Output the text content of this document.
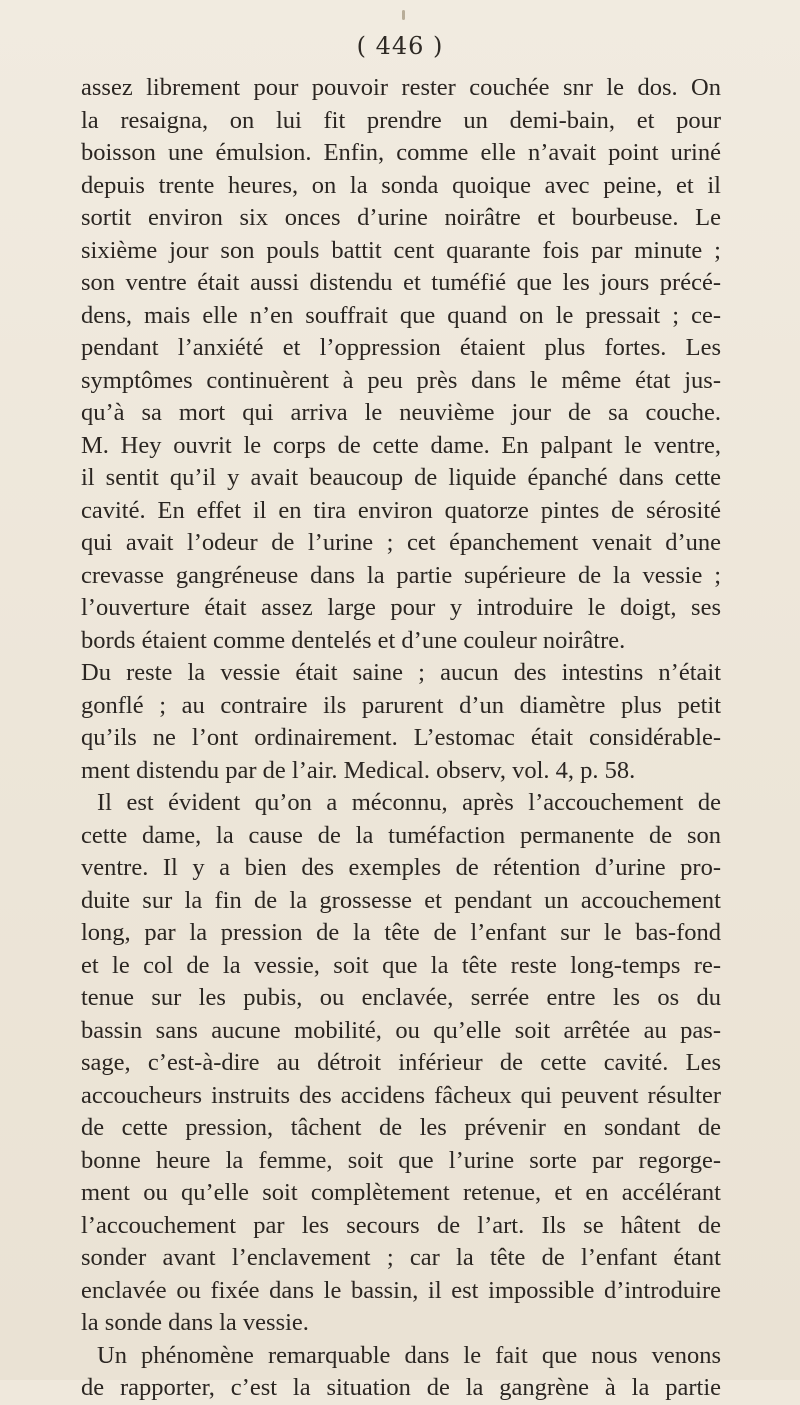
( 446 )
assez librement pour pouvoir rester couchée snr le dos. On
la resaigna, on lui fit prendre un demi-bain, et pour
boisson une émulsion. Enfin, comme elle n’avait point uriné
depuis trente heures, on la sonda quoique avec peine, et il
sortit environ six onces d’urine noirâtre et bourbeuse. Le
sixième jour son pouls battit cent quarante fois par minute ;
son ventre était aussi distendu et tuméfié que les jours précé-
dens, mais elle n’en souffrait que quand on le pressait ; ce-
pendant l’anxiété et l’oppression étaient plus fortes. Les
symptômes continuèrent à peu près dans le même état jus-
qu’à sa mort qui arriva le neuvième jour de sa couche.
M. Hey ouvrit le corps de cette dame. En palpant le ventre,
il sentit qu’il y avait beaucoup de liquide épanché dans cette
cavité. En effet il en tira environ quatorze pintes de sérosité
qui avait l’odeur de l’urine ; cet épanchement venait d’une
crevasse gangréneuse dans la partie supérieure de la vessie ;
l’ouverture était assez large pour y introduire le doigt, ses
bords étaient comme dentelés et d’une couleur noirâtre.
Du reste la vessie était saine ; aucun des intestins n’était
gonflé ; au contraire ils parurent d’un diamètre plus petit
qu’ils ne l’ont ordinairement. L’estomac était considérable-
ment distendu par de l’air. Medical. observ, vol. 4, p. 58.
Il est évident qu’on a méconnu, après l’accouchement de
cette dame, la cause de la tuméfaction permanente de son
ventre. Il y a bien des exemples de rétention d’urine pro-
duite sur la fin de la grossesse et pendant un accouchement
long, par la pression de la tête de l’enfant sur le bas-fond
et le col de la vessie, soit que la tête reste long-temps re-
tenue sur les pubis, ou enclavée, serrée entre les os du
bassin sans aucune mobilité, ou qu’elle soit arrêtée au pas-
sage, c’est-à-dire au détroit inférieur de cette cavité. Les
accoucheurs instruits des accidens fâcheux qui peuvent résulter
de cette pression, tâchent de les prévenir en sondant de
bonne heure la femme, soit que l’urine sorte par regorge-
ment ou qu’elle soit complètement retenue, et en accélérant
l’accouchement par les secours de l’art. Ils se hâtent de
sonder avant l’enclavement ; car la tête de l’enfant étant
enclavée ou fixée dans le bassin, il est impossible d’introduire
la sonde dans la vessie.
Un phénomène remarquable dans le fait que nous venons
de rapporter, c’est la situation de la gangrène à la partie
